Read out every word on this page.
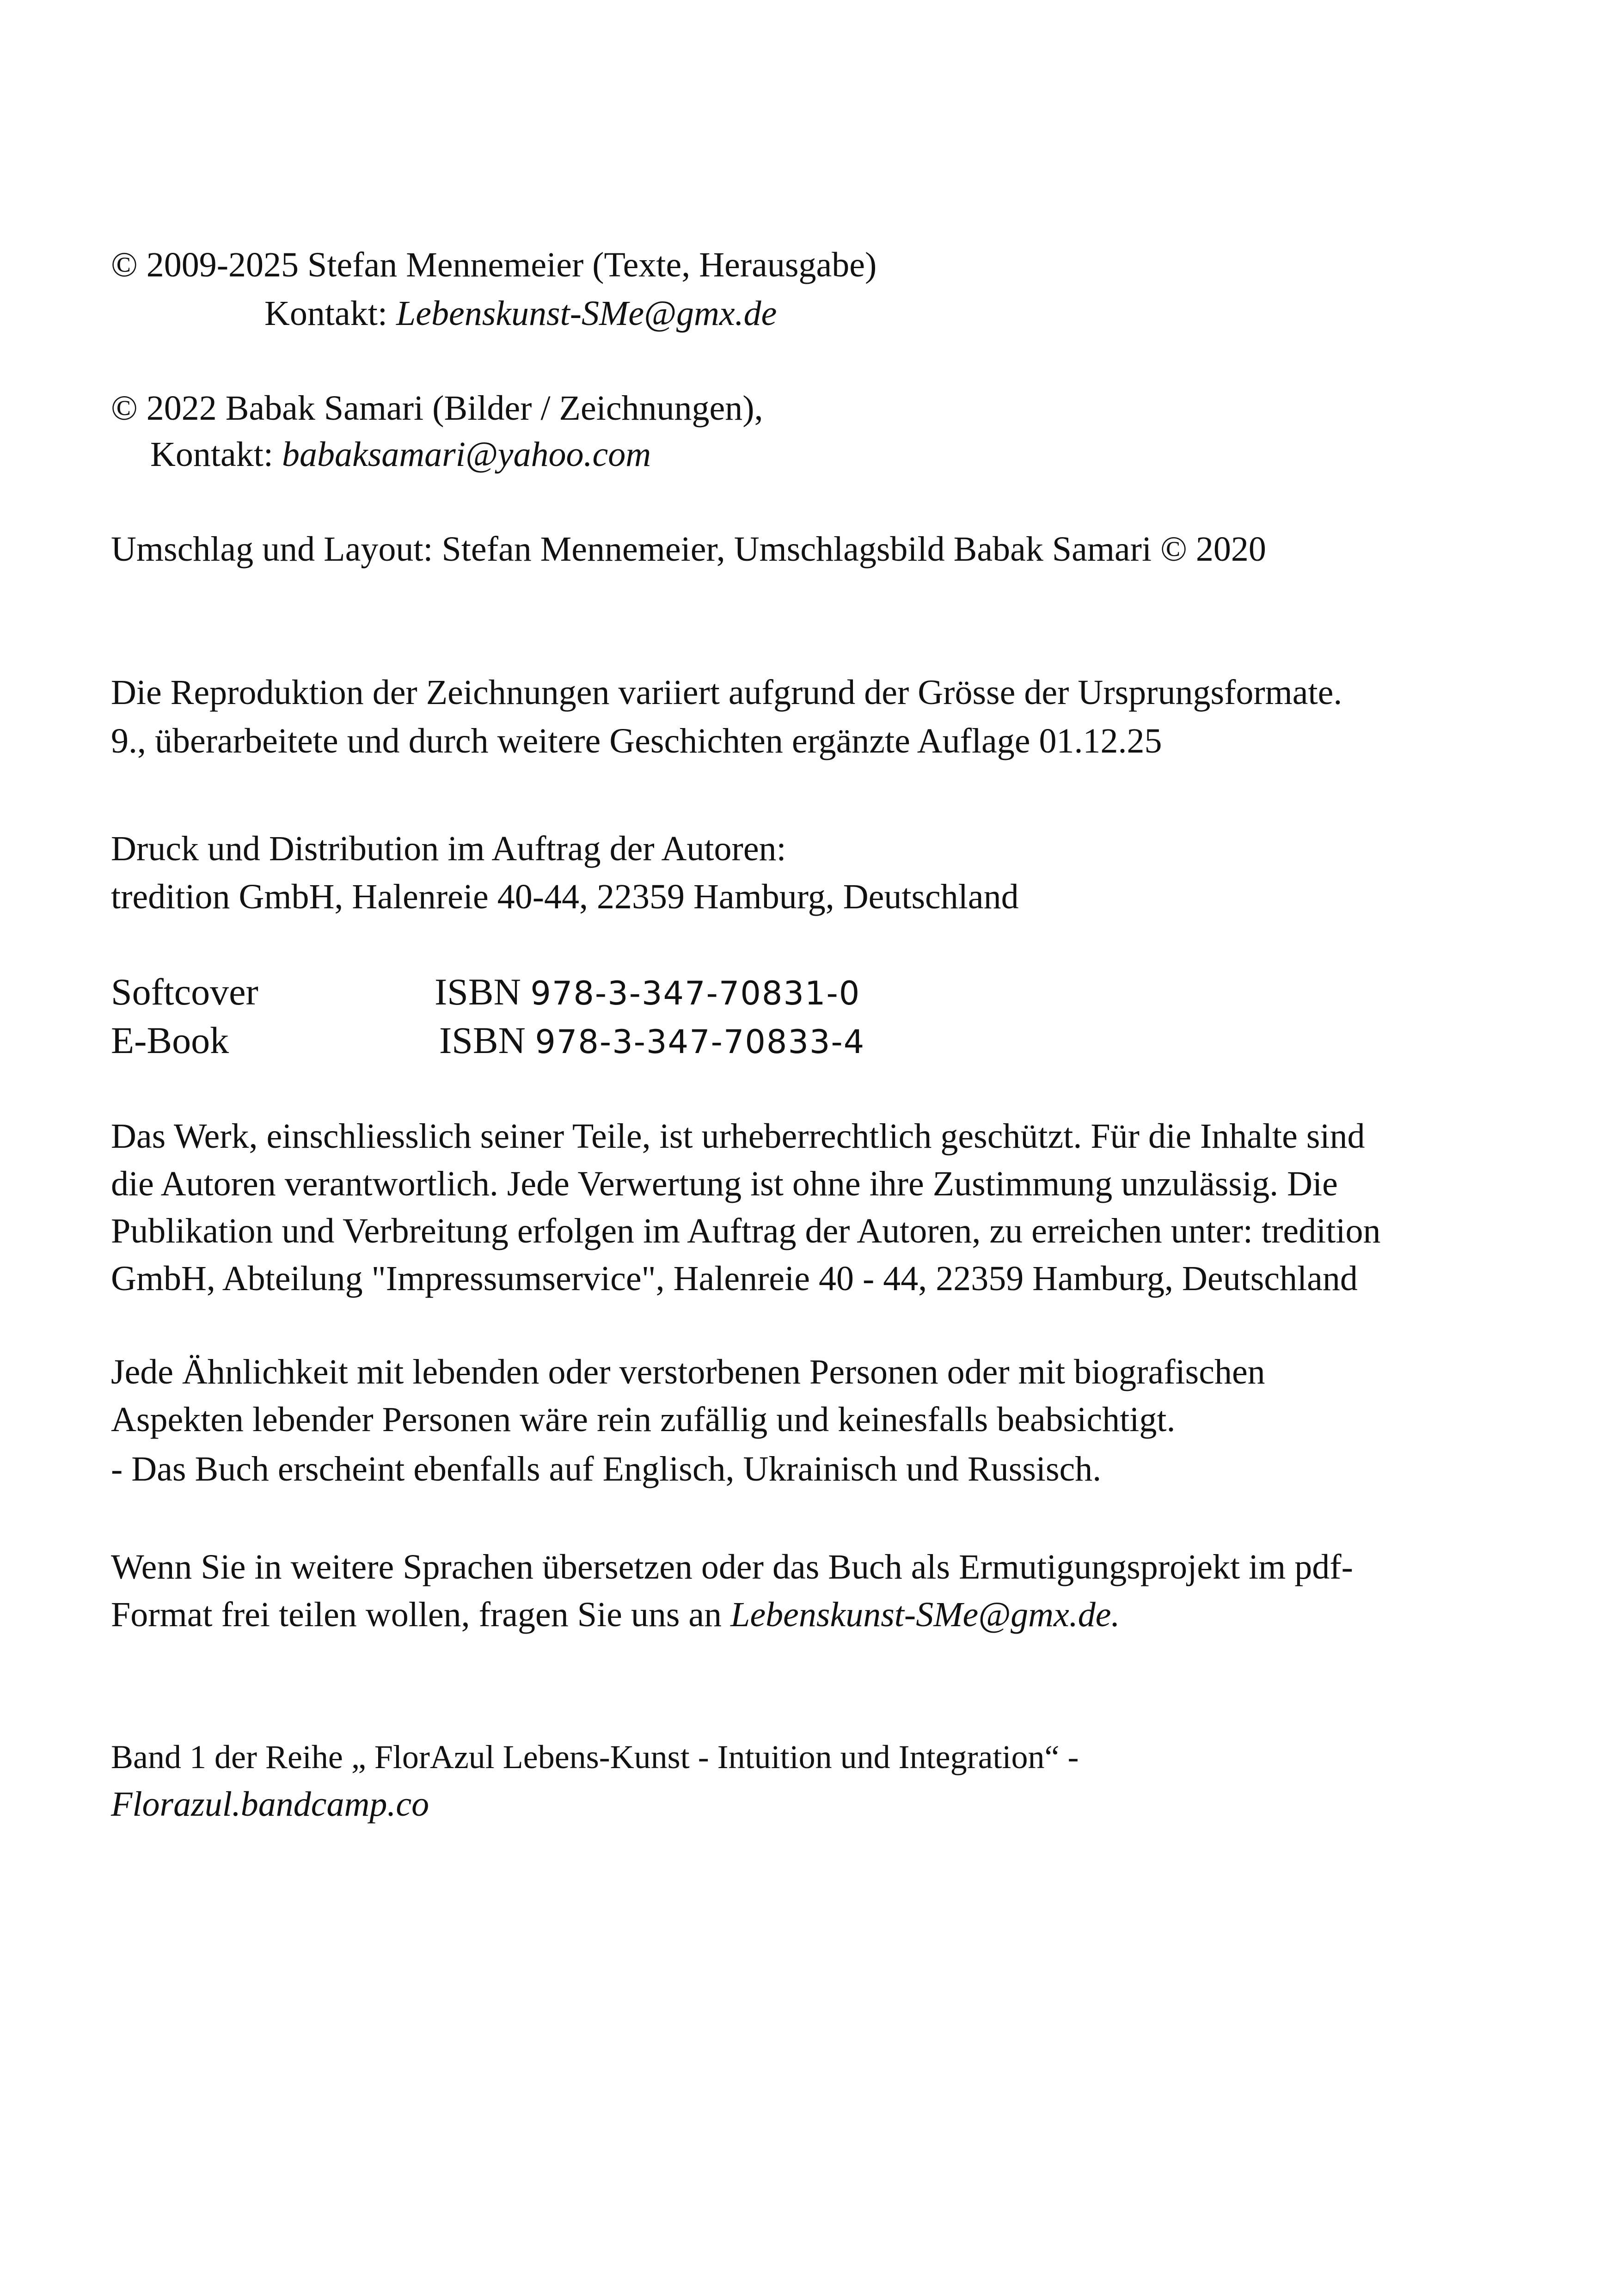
© 2009-2025 Stefan Mennemeier (Texte, Herausgabe)
Kontakt: Lebenskunst-SMe@gmx.de
© 2022 Babak Samari (Bilder / Zeichnungen),
Kontakt: babaksamari@yahoo.com
Umschlag und Layout: Stefan Mennemeier, Umschlagsbild Babak Samari © 2020
Die Reproduktion der Zeichnungen variiert aufgrund der Grösse der Ursprungsformate.
9., überarbeitete und durch weitere Geschichten ergänzte Auflage 01.12.25
Druck und Distribution im Auftrag der Autoren:
tredition GmbH, Halenreie 40-44, 22359 Hamburg, Deutschland
Softcover	ISBN 978-3-347-70831-0
E-Book	ISBN 978-3-347-70833-4
Das Werk, einschliesslich seiner Teile, ist urheberrechtlich geschützt. Für die Inhalte sind
die Autoren verantwortlich. Jede Verwertung ist ohne ihre Zustimmung unzulässig. Die
Publikation und Verbreitung erfolgen im Auftrag der Autoren, zu erreichen unter: tredition
GmbH, Abteilung "Impressumservice", Halenreie 40 - 44, 22359 Hamburg, Deutschland
Jede Ähnlichkeit mit lebenden oder verstorbenen Personen oder mit biografischen
Aspekten lebender Personen wäre rein zufällig und keinesfalls beabsichtigt.
- Das Buch erscheint ebenfalls auf Englisch, Ukrainisch und Russisch.
Wenn Sie in weitere Sprachen übersetzen oder das Buch als Ermutigungsprojekt im pdf-
Format frei teilen wollen, fragen Sie uns an Lebenskunst-SMe@gmx.de.
Band 1 der Reihe „ FlorAzul Lebens-Kunst - Intuition und Integration“ -
Florazul.bandcamp.co
